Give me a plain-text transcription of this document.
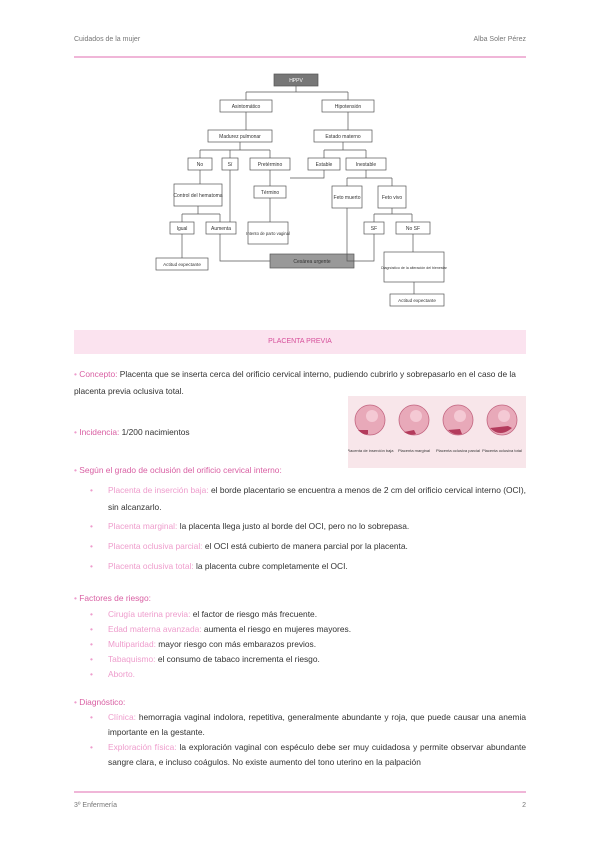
Cuidados de la mujer	Alba Soler Pérez
HPPV
Asintomático	Hipotensión
Madurez pulmonar	Estado materno
No	Sí	Pretérmino	Estable	Inestable
Control del hematoma	Término
Feto muerto	Feto vivo
Igual	Aumenta
Intento de parto vaginal
SF	No SF
Actitud expectante	Cesárea urgente
Diagnóstico de la alteración del bienestar
Actitud expectante
PLACENTA PREVIA
• Concepto: Placenta que se inserta cerca del orificio cervical interno, pudiendo cubrirlo y sobrepasarlo en el caso de la placenta previa oclusiva total.
Placenta de inserción baja Placenta marginal Placenta oclusiva parcial Placenta oclusiva total
• Incidencia: 1/200 nacimientos
• Según el grado de oclusión del orificio cervical interno:
• Placenta de inserción baja: el borde placentario se encuentra a menos de 2 cm del orificio cervical interno (OCI), sin alcanzarlo.
• Placenta marginal: la placenta llega justo al borde del OCI, pero no lo sobrepasa.
• Placenta oclusiva parcial: el OCI está cubierto de manera parcial por la placenta.
• Placenta oclusiva total: la placenta cubre completamente el OCI.
• Factores de riesgo:
• Cirugía uterina previa: el factor de riesgo más frecuente.
• Edad materna avanzada: aumenta el riesgo en mujeres mayores.
• Multiparidad: mayor riesgo con más embarazos previos.
• Tabaquismo: el consumo de tabaco incrementa el riesgo.
• Aborto.
• Diagnóstico:
• Clínica: hemorragia vaginal indolora, repetitiva, generalmente abundante y roja, que puede causar una anemia importante en la gestante.
• Exploración física: la exploración vaginal con espéculo debe ser muy cuidadosa y permite observar abundante sangre clara, e incluso coágulos. No existe aumento del tono uterino en la palpación
3º Enfermería	2
